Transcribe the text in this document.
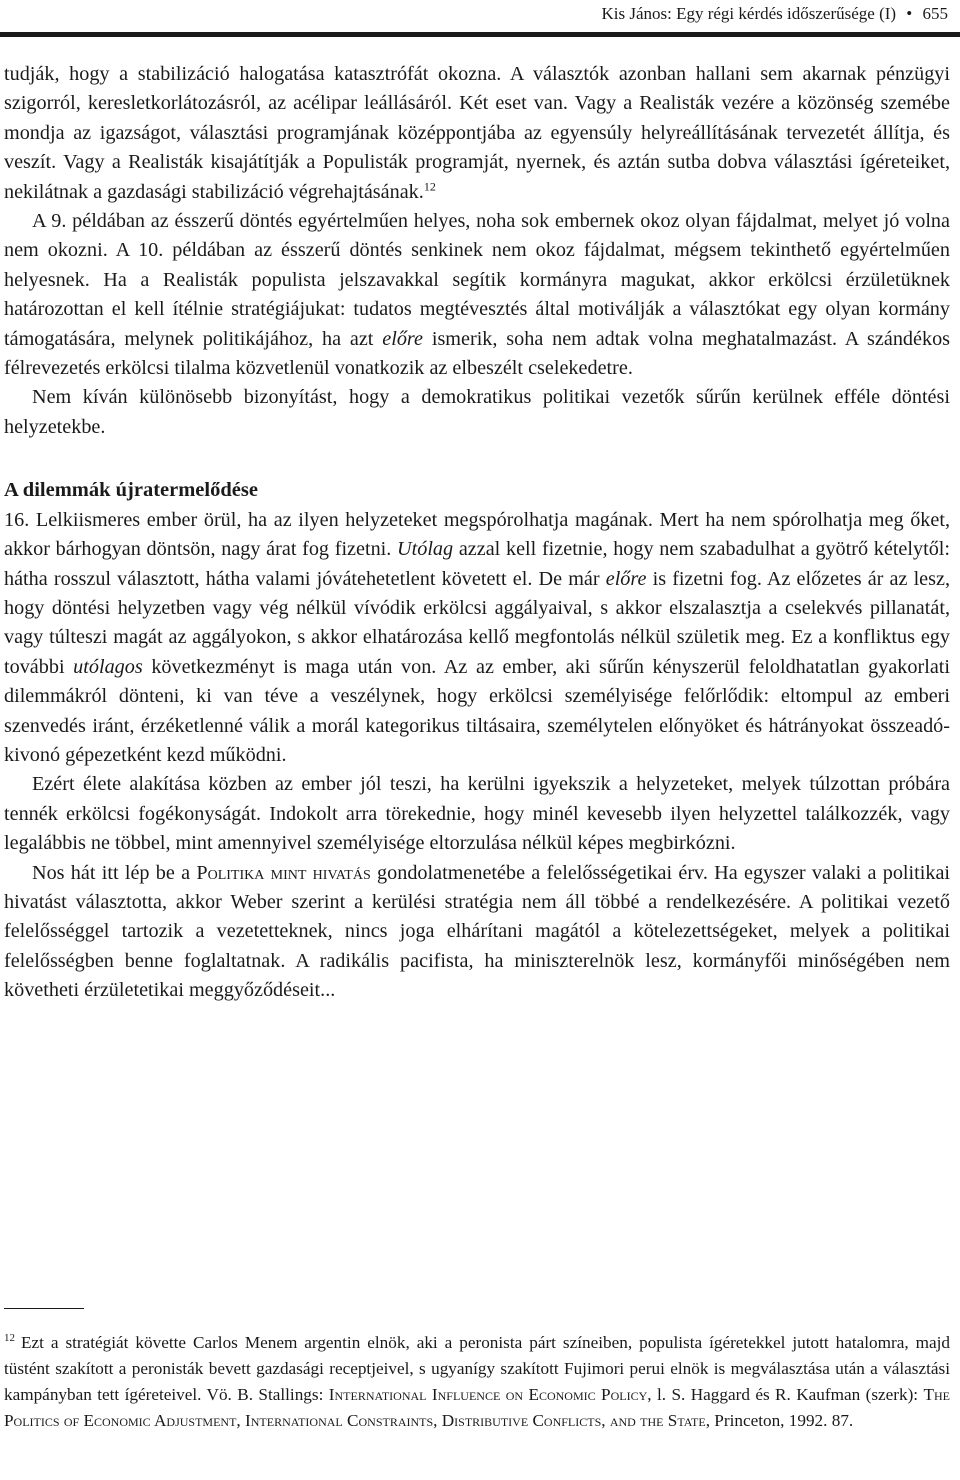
Kis János: Egy régi kérdés időszerűsége (I) • 655

tudják, hogy a stabilizáció halogatása katasztrófát okozna. A választók azonban hallani sem akarnak pénzügyi szigorról, keresletkorlátozásról, az acélipar leállásáról. Két eset van. Vagy a Realisták vezére a közönség szemébe mondja az igazságot, választási programjának középpontjába az egyensúly helyreállításának tervezetét állítja, és veszít. Vagy a Realisták kisajátítják a Populisták programját, nyernek, és aztán sutba dobva választási ígéreteiket, nekilátnak a gazdasági stabilizáció végrehajtásának.$^{12}$

A 9. példában az ésszerű döntés egyértelműen helyes, noha sok embernek okoz olyan fájdalmat, melyet jó volna nem okozni. A 10. példában az ésszerű döntés senkinek nem okoz fájdalmat, mégsem tekinthető egyértelműen helyesnek. Ha a Realisták populista jelszavakkal segítik kormányra magukat, akkor erkölcsi érzületüknek határozottan el kell ítélnie stratégiájukat: tudatos megtévesztés által motiválják a választókat egy olyan kormány támogatására, melynek politikájához, ha azt előre ismerik, soha nem adtak volna meghatalmazást. A szándékos félrevezetés erkölcsi tilalma közvetlenül vonatkozik az elbeszélt cselekedetre.

Nem kíván különösebb bizonyítást, hogy a demokratikus politikai vezetők sűrűn kerülnek efféle döntési helyzetekbe.

A dilemmák újratermelődése

16. Lelkiismeres ember örül, ha az ilyen helyzeteket megspórolhatja magának. Mert ha nem spórolhatja meg őket, akkor bárhogyan döntsön, nagy árat fog fizetni. Utólag azzal kell fizetnie, hogy nem szabadulhat a gyötrő kételytől: hátha rosszul választott, hátha valami jóvátehetetlent követett el. De már előre is fizetni fog. Az előzetes ár az lesz, hogy döntési helyzetben vagy vég nélkül vívódik erkölcsi aggályaival, s akkor elszalasztja a cselekvés pillanatát, vagy túlteszi magát az aggályokon, s akkor elhatározása kellő megfontolás nélkül születik meg. Ez a konfliktus egy további utólagos következményt is maga után von. Az az ember, aki sűrűn kényszerül feloldhatatlan gyakorlati dilemmákról dönteni, ki van téve a veszélynek, hogy erkölcsi személyisége felőrlődik: eltompul az emberi szenvedés iránt, érzéketlenné válik a morál kategorikus tiltásaira, személytelen előnyöket és hátrányokat összeadó-kivonó gépezetként kezd működni.

Ezért élete alakítása közben az ember jól teszi, ha kerülni igyekszik a helyzeteket, melyek túlzottan próbára tennék erkölcsi fogékonyságát. Indokolt arra törekednie, hogy minél kevesebb ilyen helyzettel találkozzék, vagy legalábbis ne többel, mint amennyivel személyisége eltorzulása nélkül képes megbirkózni.

Nos hát itt lép be a Politika mint hivatás gondolatmenetébe a felelősségetikai érv. Ha egyszer valaki a politikai hivatást választotta, akkor Weber szerint a kerülési stratégia nem áll többé a rendelkezésére. A politikai vezető felelősséggel tartozik a vezetetteknek, nincs joga elhárítani magától a kötelezettségeket, melyek a politikai felelősségben benne foglaltatnak. A radikális pacifista, ha miniszterelnök lesz, kormányfői minőségében nem követheti érzületetikai meggyőződéseit...

$^{12}$ Ezt a stratégiát követte Carlos Menem argentin elnök, aki a peronista párt színeiben, populista ígéretekkel jutott hatalomra, majd tüstént szakított a peronisták bevett gazdasági receptjeivel, s ugyanígy szakított Fujimori perui elnök is megválasztása után a választási kampányban tett ígéreteivel. Vö. B. Stallings: International Influence on Economic Policy, l. S. Haggard és R. Kaufman (szerk): The Politics of Economic Adjustment, International Constraints, Distributive Conflicts, and the State, Princeton, 1992. 87.
